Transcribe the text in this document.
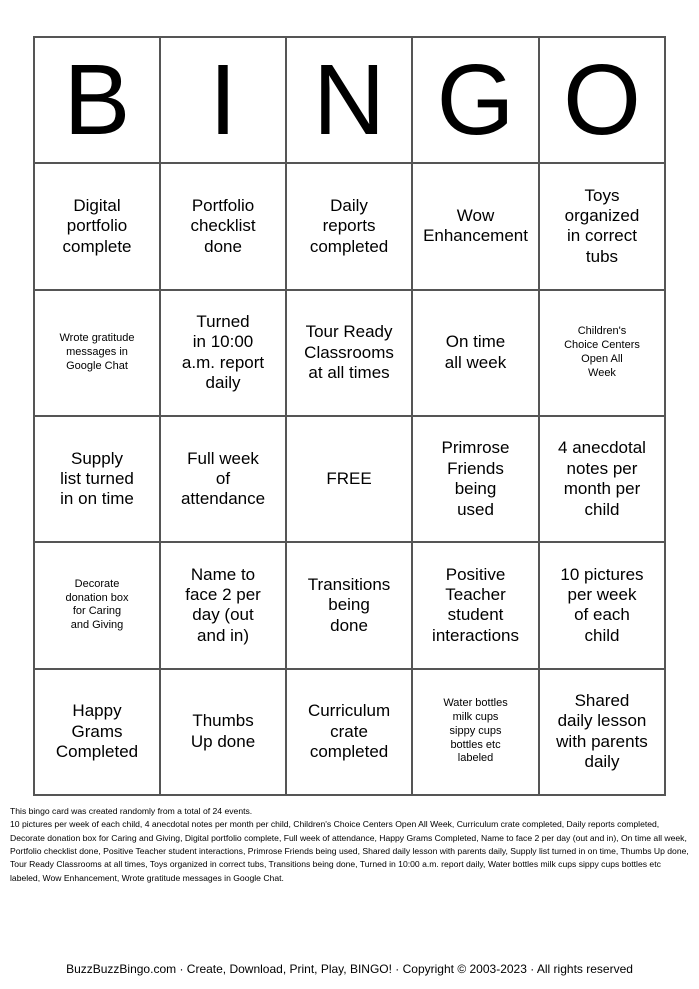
B I N G O
Digital
portfolio
complete
Portfolio
checklist
done
Daily
reports
completed
Wow
Enhancement
Toys
organized
in correct
tubs
Wrote gratitude
messages in
Google Chat
Turned
in 10:00
a.m. report
daily
Tour Ready
Classrooms
at all times
On time
all week
Children's
Choice Centers
Open All
Week
Supply
list turned
in on time
Full week
of
attendance
FREE
Primrose
Friends
being
used
4 anecdotal
notes per
month per
child
Decorate
donation box
for Caring
and Giving
Name to
face 2 per
day (out
and in)
Transitions
being
done
Positive
Teacher
student
interactions
10 pictures
per week
of each
child
Happy
Grams
Completed
Thumbs
Up done
Curriculum
crate
completed
Water bottles
milk cups
sippy cups
bottles etc
labeled
Shared
daily lesson
with parents
daily
This bingo card was created randomly from a total of 24 events.
10 pictures per week of each child, 4 anecdotal notes per month per child, Children's Choice Centers Open All Week, Curriculum crate completed, Daily reports completed, Decorate donation box for Caring and Giving, Digital portfolio complete, Full week of attendance, Happy Grams Completed, Name to face 2 per day (out and in), On time all week, Portfolio checklist done, Positive Teacher student interactions, Primrose Friends being used, Shared daily lesson with parents daily, Supply list turned in on time, Thumbs Up done, Tour Ready Classrooms at all times, Toys organized in correct tubs, Transitions being done, Turned in 10:00 a.m. report daily, Water bottles milk cups sippy cups bottles etc labeled, Wow Enhancement, Wrote gratitude messages in Google Chat.
BuzzBuzzBingo.com · Create, Download, Print, Play, BINGO! · Copyright © 2003-2023 · All rights reserved
